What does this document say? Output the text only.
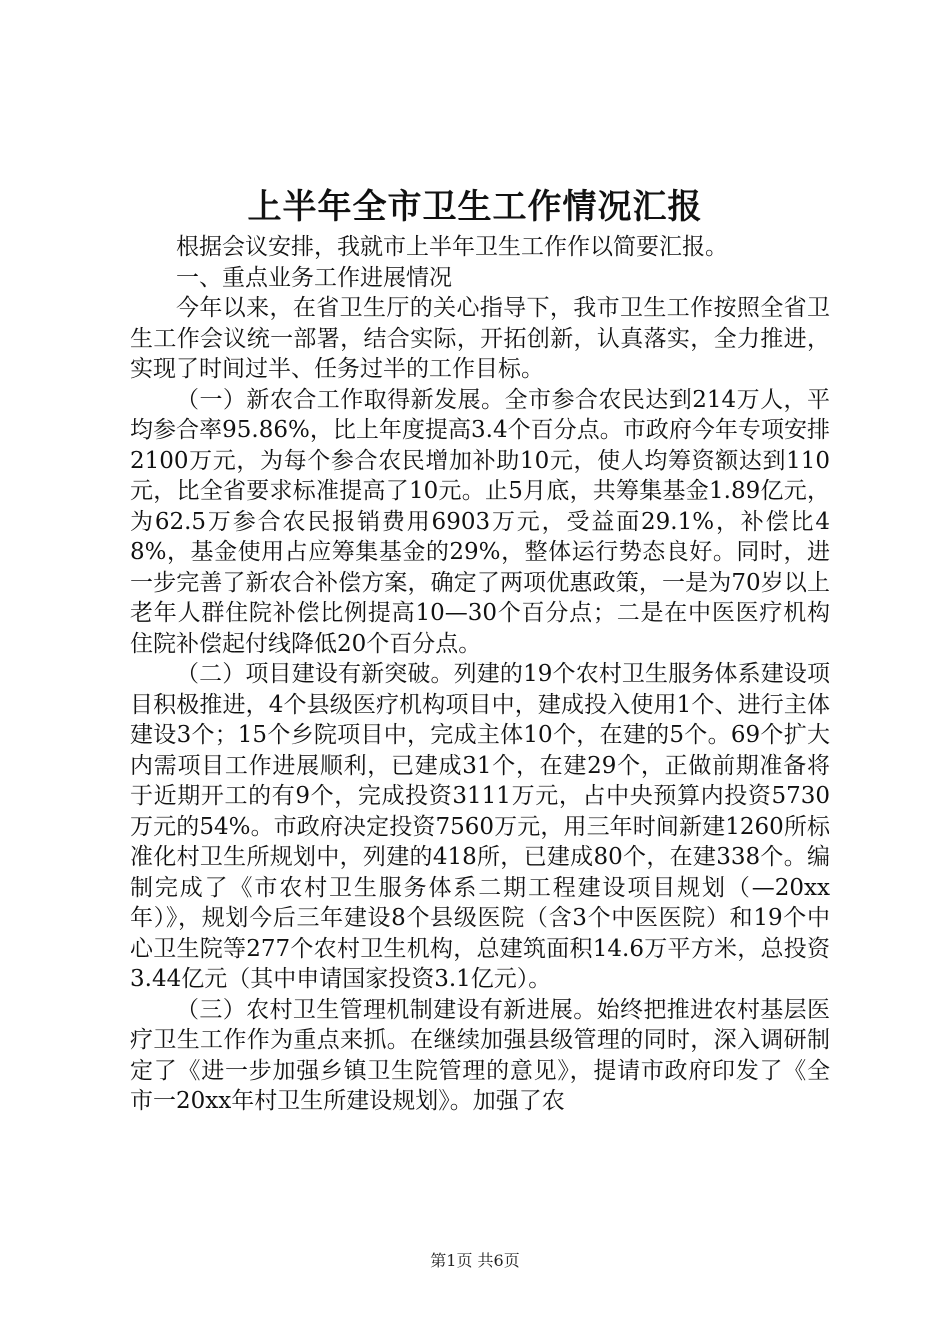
上半年全市卫生工作情况汇报

根据会议安排，我就市上半年卫生工作作以简要汇报。

一、重点业务工作进展情况

今年以来，在省卫生厅的关心指导下，我市卫生工作按照全省卫生工作会议统一部署，结合实际，开拓创新，认真落实，全力推进，实现了时间过半、任务过半的工作目标。

（一）新农合工作取得新发展。全市参合农民达到214万人，平均参合率95.86%，比上年度提高3.4个百分点。市政府今年专项安排2100万元，为每个参合农民增加补助10元，使人均筹资额达到110元，比全省要求标准提高了10元。止5月底，共筹集基金1.89亿元，为62.5万参合农民报销费用6903万元，受益面29.1%，补偿比48%，基金使用占应筹集基金的29%，整体运行势态良好。同时，进一步完善了新农合补偿方案，确定了两项优惠政策，一是为70岁以上老年人群住院补偿比例提高10—30个百分点；二是在中医医疗机构住院补偿起付线降低20个百分点。

（二）项目建设有新突破。列建的19个农村卫生服务体系建设项目积极推进，4个县级医疗机构项目中，建成投入使用1个、进行主体建设3个；15个乡院项目中，完成主体10个，在建的5个。69个扩大内需项目工作进展顺利，已建成31个，在建29个，正做前期准备将于近期开工的有9个，完成投资3111万元，占中央预算内投资5730万元的54%。市政府决定投资7560万元，用三年时间新建1260所标准化村卫生所规划中，列建的418所，已建成80个，在建338个。编制完成了《市农村卫生服务体系二期工程建设项目规划（—20xx年）》，规划今后三年建设8个县级医院（含3个中医医院）和19个中心卫生院等277个农村卫生机构，总建筑面积14.6万平方米，总投资3.44亿元（其中申请国家投资3.1亿元）。

（三）农村卫生管理机制建设有新进展。始终把推进农村基层医疗卫生工作作为重点来抓。在继续加强县级管理的同时，深入调研制定了《进一步加强乡镇卫生院管理的意见》，提请市政府印发了《全市一20xx年村卫生所建设规划》。加强了农

第1页 共6页
